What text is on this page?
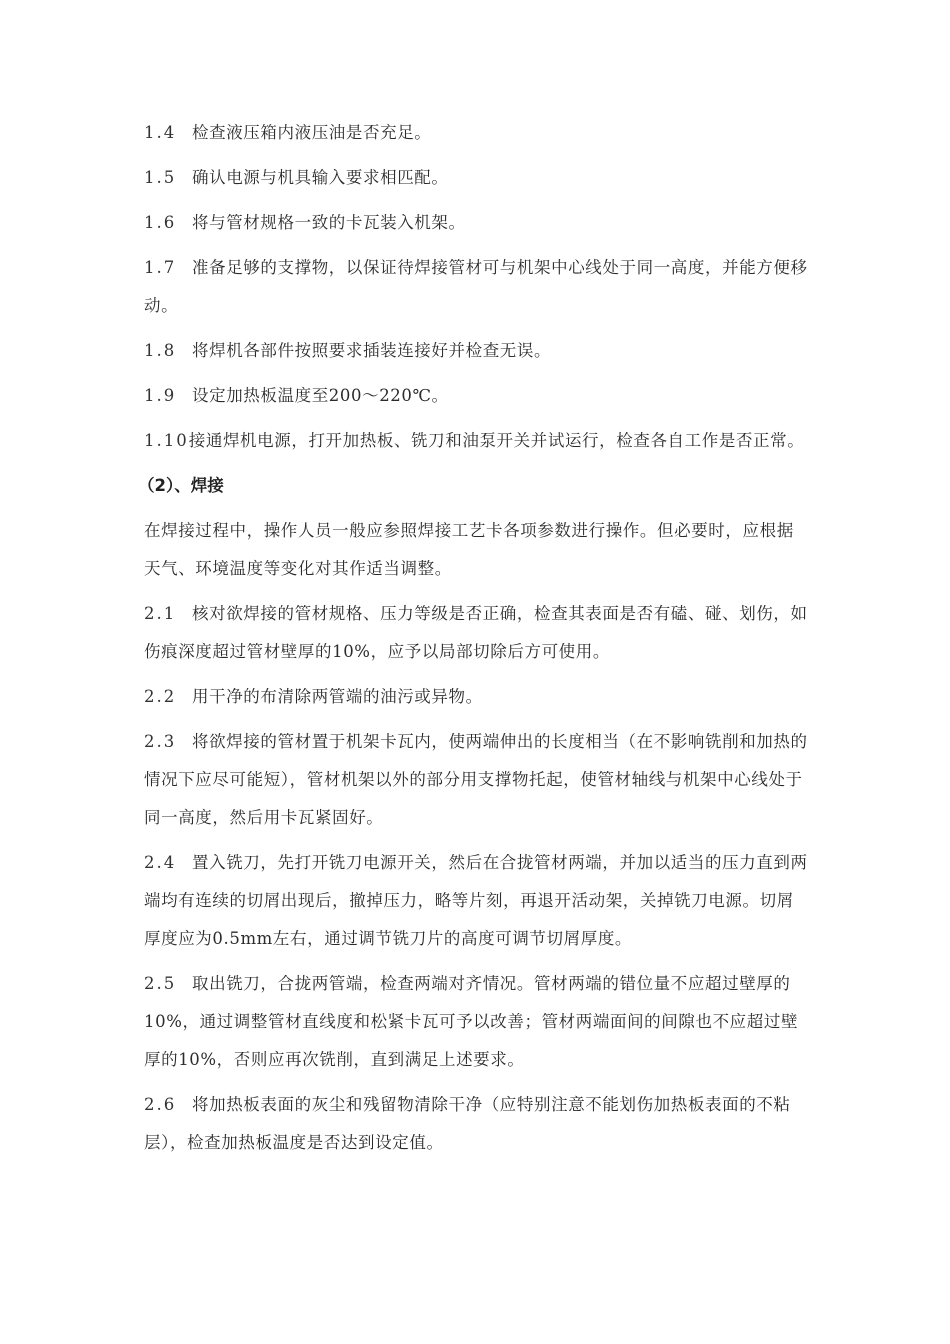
1.4 检查液压箱内液压油是否充足。

1.5 确认电源与机具输入要求相匹配。

1.6 将与管材规格一致的卡瓦装入机架。

1.7 准备足够的支撑物，以保证待焊接管材可与机架中心线处于同一高度，并能方便移动。

1.8 将焊机各部件按照要求插装连接好并检查无误。

1.9 设定加热板温度至200～220℃。

1.10接通焊机电源，打开加热板、铣刀和油泵开关并试运行，检查各自工作是否正常。

（2）、焊接

在焊接过程中，操作人员一般应参照焊接工艺卡各项参数进行操作。但必要时，应根据天气、环境温度等变化对其作适当调整。

2.1 核对欲焊接的管材规格、压力等级是否正确，检查其表面是否有磕、碰、划伤，如伤痕深度超过管材壁厚的10%，应予以局部切除后方可使用。

2.2 用干净的布清除两管端的油污或异物。

2.3 将欲焊接的管材置于机架卡瓦内，使两端伸出的长度相当（在不影响铣削和加热的情况下应尽可能短），管材机架以外的部分用支撑物托起，使管材轴线与机架中心线处于同一高度，然后用卡瓦紧固好。

2.4 置入铣刀，先打开铣刀电源开关，然后在合拢管材两端，并加以适当的压力直到两端均有连续的切屑出现后，撤掉压力，略等片刻，再退开活动架，关掉铣刀电源。切屑厚度应为0.5mm左右，通过调节铣刀片的高度可调节切屑厚度。

2.5 取出铣刀，合拢两管端，检查两端对齐情况。管材两端的错位量不应超过壁厚的10%，通过调整管材直线度和松紧卡瓦可予以改善；管材两端面间的间隙也不应超过壁厚的10%，否则应再次铣削，直到满足上述要求。

2.6 将加热板表面的灰尘和残留物清除干净（应特别注意不能划伤加热板表面的不粘层），检查加热板温度是否达到设定值。
